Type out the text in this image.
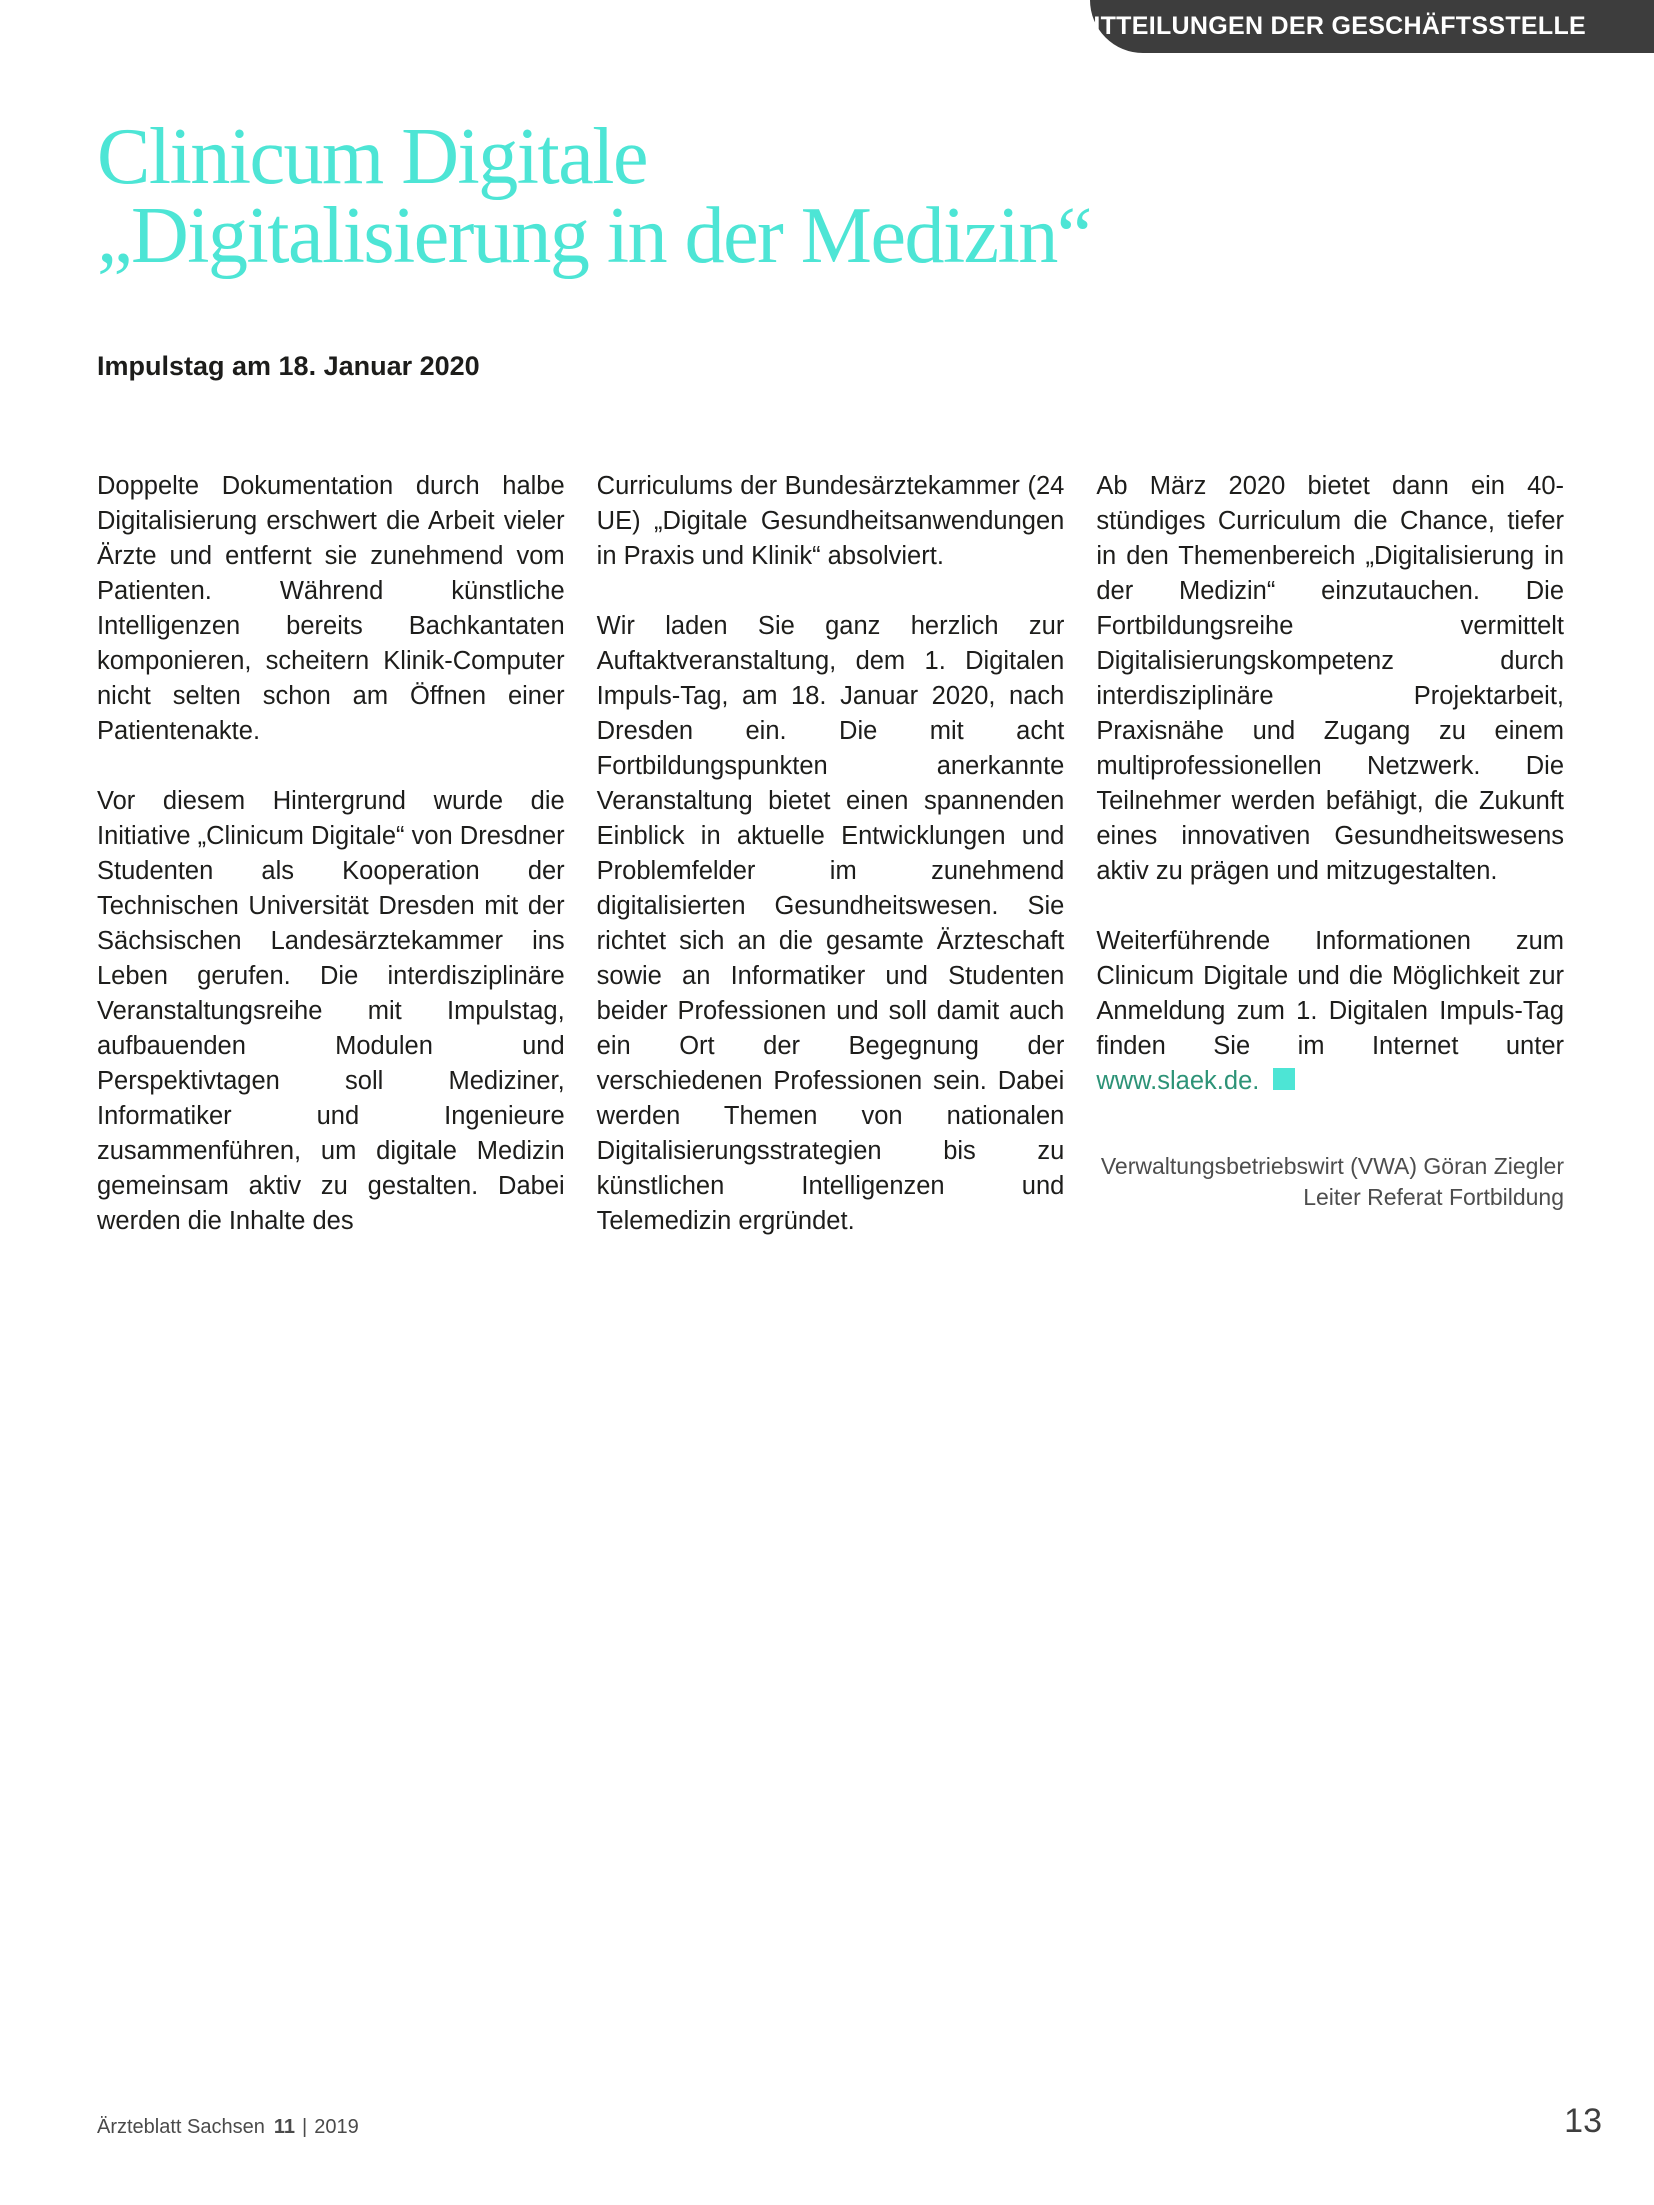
MITTEILUNGEN DER GESCHÄFTSSTELLE
Clinicum Digitale
„Digitalisierung in der Medizin“
Impulstag am 18. Januar 2020

Doppelte Dokumentation durch halbe Digitalisierung erschwert die Arbeit vieler Ärzte und entfernt sie zunehmend vom Patienten. Während künstliche Intelligenzen bereits Bachkantaten komponieren, scheitern Klinik-Computer nicht selten schon am Öffnen einer Patientenakte.

Vor diesem Hintergrund wurde die Initiative „Clinicum Digitale“ von Dresdner Studenten als Kooperation der Technischen Universität Dresden mit der Sächsischen Landesärztekammer ins Leben gerufen. Die interdisziplinäre Veranstaltungsreihe mit Impulstag, aufbauenden Modulen und Perspektivtagen soll Mediziner, Informatiker und Ingenieure zusammenführen, um digitale Medizin gemeinsam aktiv zu gestalten. Dabei werden die Inhalte des

Curriculums der Bundesärztekammer (24 UE) „Digitale Gesundheitsanwendungen in Praxis und Klinik“ absolviert.

Wir laden Sie ganz herzlich zur Auftaktveranstaltung, dem 1. Digitalen Impuls-Tag, am 18. Januar 2020, nach Dresden ein. Die mit acht Fortbildungspunkten anerkannte Veranstaltung bietet einen spannenden Einblick in aktuelle Entwicklungen und Problemfelder im zunehmend digitalisierten Gesundheitswesen. Sie richtet sich an die gesamte Ärzteschaft sowie an Informatiker und Studenten beider Professionen und soll damit auch ein Ort der Begegnung der verschiedenen Professionen sein. Dabei werden Themen von nationalen Digitalisierungsstrategien bis zu künstlichen Intelligenzen und Telemedizin ergründet.

Ab März 2020 bietet dann ein 40-stündiges Curriculum die Chance, tiefer in den Themenbereich „Digitalisierung in der Medizin“ einzutauchen. Die Fortbildungsreihe vermittelt Digitalisierungskompetenz durch interdisziplinäre Projektarbeit, Praxisnähe und Zugang zu einem multiprofessionellen Netzwerk. Die Teilnehmer werden befähigt, die Zukunft eines innovativen Gesundheitswesens aktiv zu prägen und mitzugestalten.

Weiterführende Informationen zum Clinicum Digitale und die Möglichkeit zur Anmeldung zum 1. Digitalen Impuls-Tag finden Sie im Internet unter www.slaek.de.

Verwaltungsbetriebswirt (VWA) Göran Ziegler
Leiter Referat Fortbildung
Ärzteblatt Sachsen 11 | 2019	13
